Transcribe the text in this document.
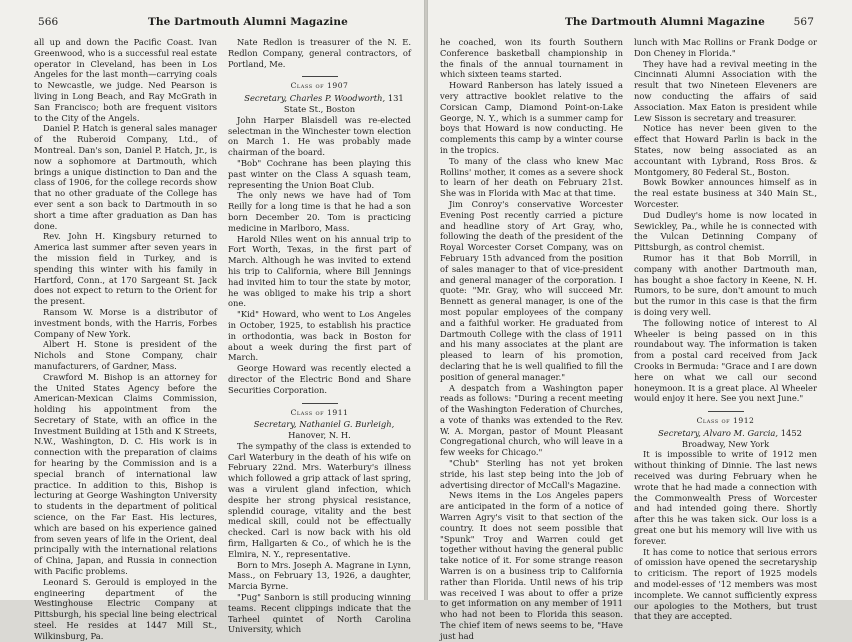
566	The Dartmouth Alumni Magazine

all up and down the Pacific Coast. Ivan Greenwood, who is a successful real estate operator in Cleveland, has been in Los Angeles for the last month—carrying coals to Newcastle, we judge. Ned Pearson is living in Long Beach, and Ray McGrath in San Francisco; both are frequent visitors to the City of the Angels.

Daniel P. Hatch is general sales manager of the Ruberoid Company, Ltd., of Montreal. Dan's son, Daniel P. Hatch, Jr., is now a sophomore at Dartmouth, which brings a unique distinction to Dan and the class of 1906, for the college records show that no other graduate of the College has ever sent a son back to Dartmouth in so short a time after graduation as Dan has done.

Rev. John H. Kingsbury returned to America last summer after seven years in the mission field in Turkey, and is spending this winter with his family in Hartford, Conn., at 170 Sargeant St. Jack does not expect to return to the Orient for the present.

Ransom W. Morse is a distributor of investment bonds, with the Harris, Forbes Company of New York.

Albert H. Stone is president of the Nichols and Stone Company, chair manufacturers, of Gardner, Mass.

Crawford M. Bishop is an attorney for the United States Agency before the American-Mexican Claims Commission, holding his appointment from the Secretary of State, with an office in the Investment Building at 15th and K Streets, N.W., Washington, D. C. His work is in connection with the preparation of claims for hearing by the Commission and is a special branch of international law practice. In addition to this, Bishop is lecturing at George Washington University to students in the department of political science, on the Far East. His lectures, which are based on his experience gained from seven years of life in the Orient, deal principally with the international relations of China, Japan, and Russia in connection with Pacific problems.

Leonard S. Gerould is employed in the engineering department of the Westinghouse Electric Company at Pittsburgh, his special line being electrical steel. He resides at 1447 Mill St., Wilkinsburg, Pa.

Nate Redlon is treasurer of the N. E. Redlon Company, general contractors, of Portland, Me.

Class of 1907

Secretary, Charles P. Woodworth, 131 State St., Boston

John Harper Blaisdell was re-elected selectman in the Winchester town election on March 1. He was probably made chairman of the board.

"Bob" Cochrane has been playing this past winter on the Class A squash team, representing the Union Boat Club.

The only news we have had of Tom Reilly for a long time is that he had a son born December 20. Tom is practicing medicine in Marlboro, Mass.

Harold Niles went on his annual trip to Fort Worth, Texas, in the first part of March. Although he was invited to extend his trip to California, where Bill Jennings had invited him to tour the state by motor, he was obliged to make his trip a short one.

"Kid" Howard, who went to Los Angeles in October, 1925, to establish his practice in orthodontia, was back in Boston for about a week during the first part of March.

George Howard was recently elected a director of the Electric Bond and Share Securities Corporation.

Class of 1911

Secretary, Nathaniel G. Burleigh, Hanover, N. H.

The sympathy of the class is extended to Carl Waterbury in the death of his wife on February 22nd. Mrs. Waterbury's illness which followed a grip attack of last spring, was a virulent gland infection, which despite her strong physical resistance, splendid courage, vitality and the best medical skill, could not be effectually checked. Carl is now back with his old firm, Hallgarten & Co., of which he is the Elmira, N. Y., representative.

Born to Mrs. Joseph A. Magrane in Lynn, Mass., on February 13, 1926, a daughter, Marcia Byrne.

"Pug" Sanborn is still producing winning teams. Recent clippings indicate that the Tarheel quintet of North Carolina University, which

The Dartmouth Alumni Magazine	567

he coached, won its fourth Southern Conference basketball championship in the finals of the annual tournament in which sixteen teams started.

Howard Ranberson has lately issued a very attractive booklet relative to the Corsican Camp, Diamond Point-on-Lake George, N. Y., which is a summer camp for boys that Howard is now conducting. He complements this camp by a winter course in the tropics.

To many of the class who knew Mac Rollins' mother, it comes as a severe shock to learn of her death on February 21st. She was in Florida with Mac at that time.

Jim Conroy's conservative Worcester Evening Post recently carried a picture and headline story of Art Gray, who, following the death of the president of the Royal Worcester Corset Company, was on February 15th advanced from the position of sales manager to that of vice-president and general manager of the corporation. I quote: "Mr. Gray, who will succeed Mr. Bennett as general manager, is one of the most popular employees of the company and a faithful worker. He graduated from Dartmouth College with the class of 1911 and his many associates at the plant are pleased to learn of his promotion, declaring that he is well qualified to fill the position of general manager."

A despatch from a Washington paper reads as follows: "During a recent meeting of the Washington Federation of Churches, a vote of thanks was extended to the Rev. W. A. Morgan, pastor of Mount Pleasant Congregational church, who will leave in a few weeks for Chicago."

"Chub" Sterling has not yet broken stride, his last step being into the job of advertising director of McCall's Magazine.

News items in the Los Angeles papers are anticipated in the form of a notice of Warren Agry's visit to that section of the country. It does not seem possible that "Spunk" Troy and Warren could get together without having the general public take notice of it. For some strange reason Warren is on a business trip to California rather than Florida. Until news of his trip was received I was about to offer a prize to get information on any member of 1911 who had not been to Florida this season. The chief item of news seems to be, "Have just had

lunch with Mac Rollins or Frank Dodge or Don Cheney in Florida."

They have had a revival meeting in the Cincinnati Alumni Association with the result that two Nineteen Eleveners are now conducting the affairs of said Association. Max Eaton is president while Lew Sisson is secretary and treasurer.

Notice has never been given to the effect that Howard Parlin is back in the States, now being associated as an accountant with Lybrand, Ross Bros. & Montgomery, 80 Federal St., Boston.

Bowk Bowker announces himself as in the real estate business at 340 Main St., Worcester.

Dud Dudley's home is now located in Sewickley, Pa., while he is connected with the Vulcan Detinning Company of Pittsburgh, as control chemist.

Rumor has it that Bob Morrill, in company with another Dartmouth man, has bought a shoe factory in Keene, N. H. Rumors, to be sure, don't amount to much but the rumor in this case is that the firm is doing very well.

The following notice of interest to Al Wheeler is being passed on in this roundabout way. The information is taken from a postal card received from Jack Crooks in Bermuda: "Grace and I are down here on what we call our second honeymoon. It is a great place. Al Wheeler would enjoy it here. See you next June."

Class of 1912

Secretary, Alvaro M. Garcia, 1452 Broadway, New York

It is impossible to write of 1912 men without thinking of Dinnie. The last news received was during February when he wrote that he had made a connection with the Commonwealth Press of Worcester and had intended going there. Shortly after this he was taken sick. Our loss is a great one but his memory will live with us forever.

It has come to notice that serious errors of omission have opened the secretaryship to criticism. The report of 1925 models and model-esses of '12 members was most incomplete. We cannot sufficiently express our apologies to the Mothers, but trust that they are accepted.
